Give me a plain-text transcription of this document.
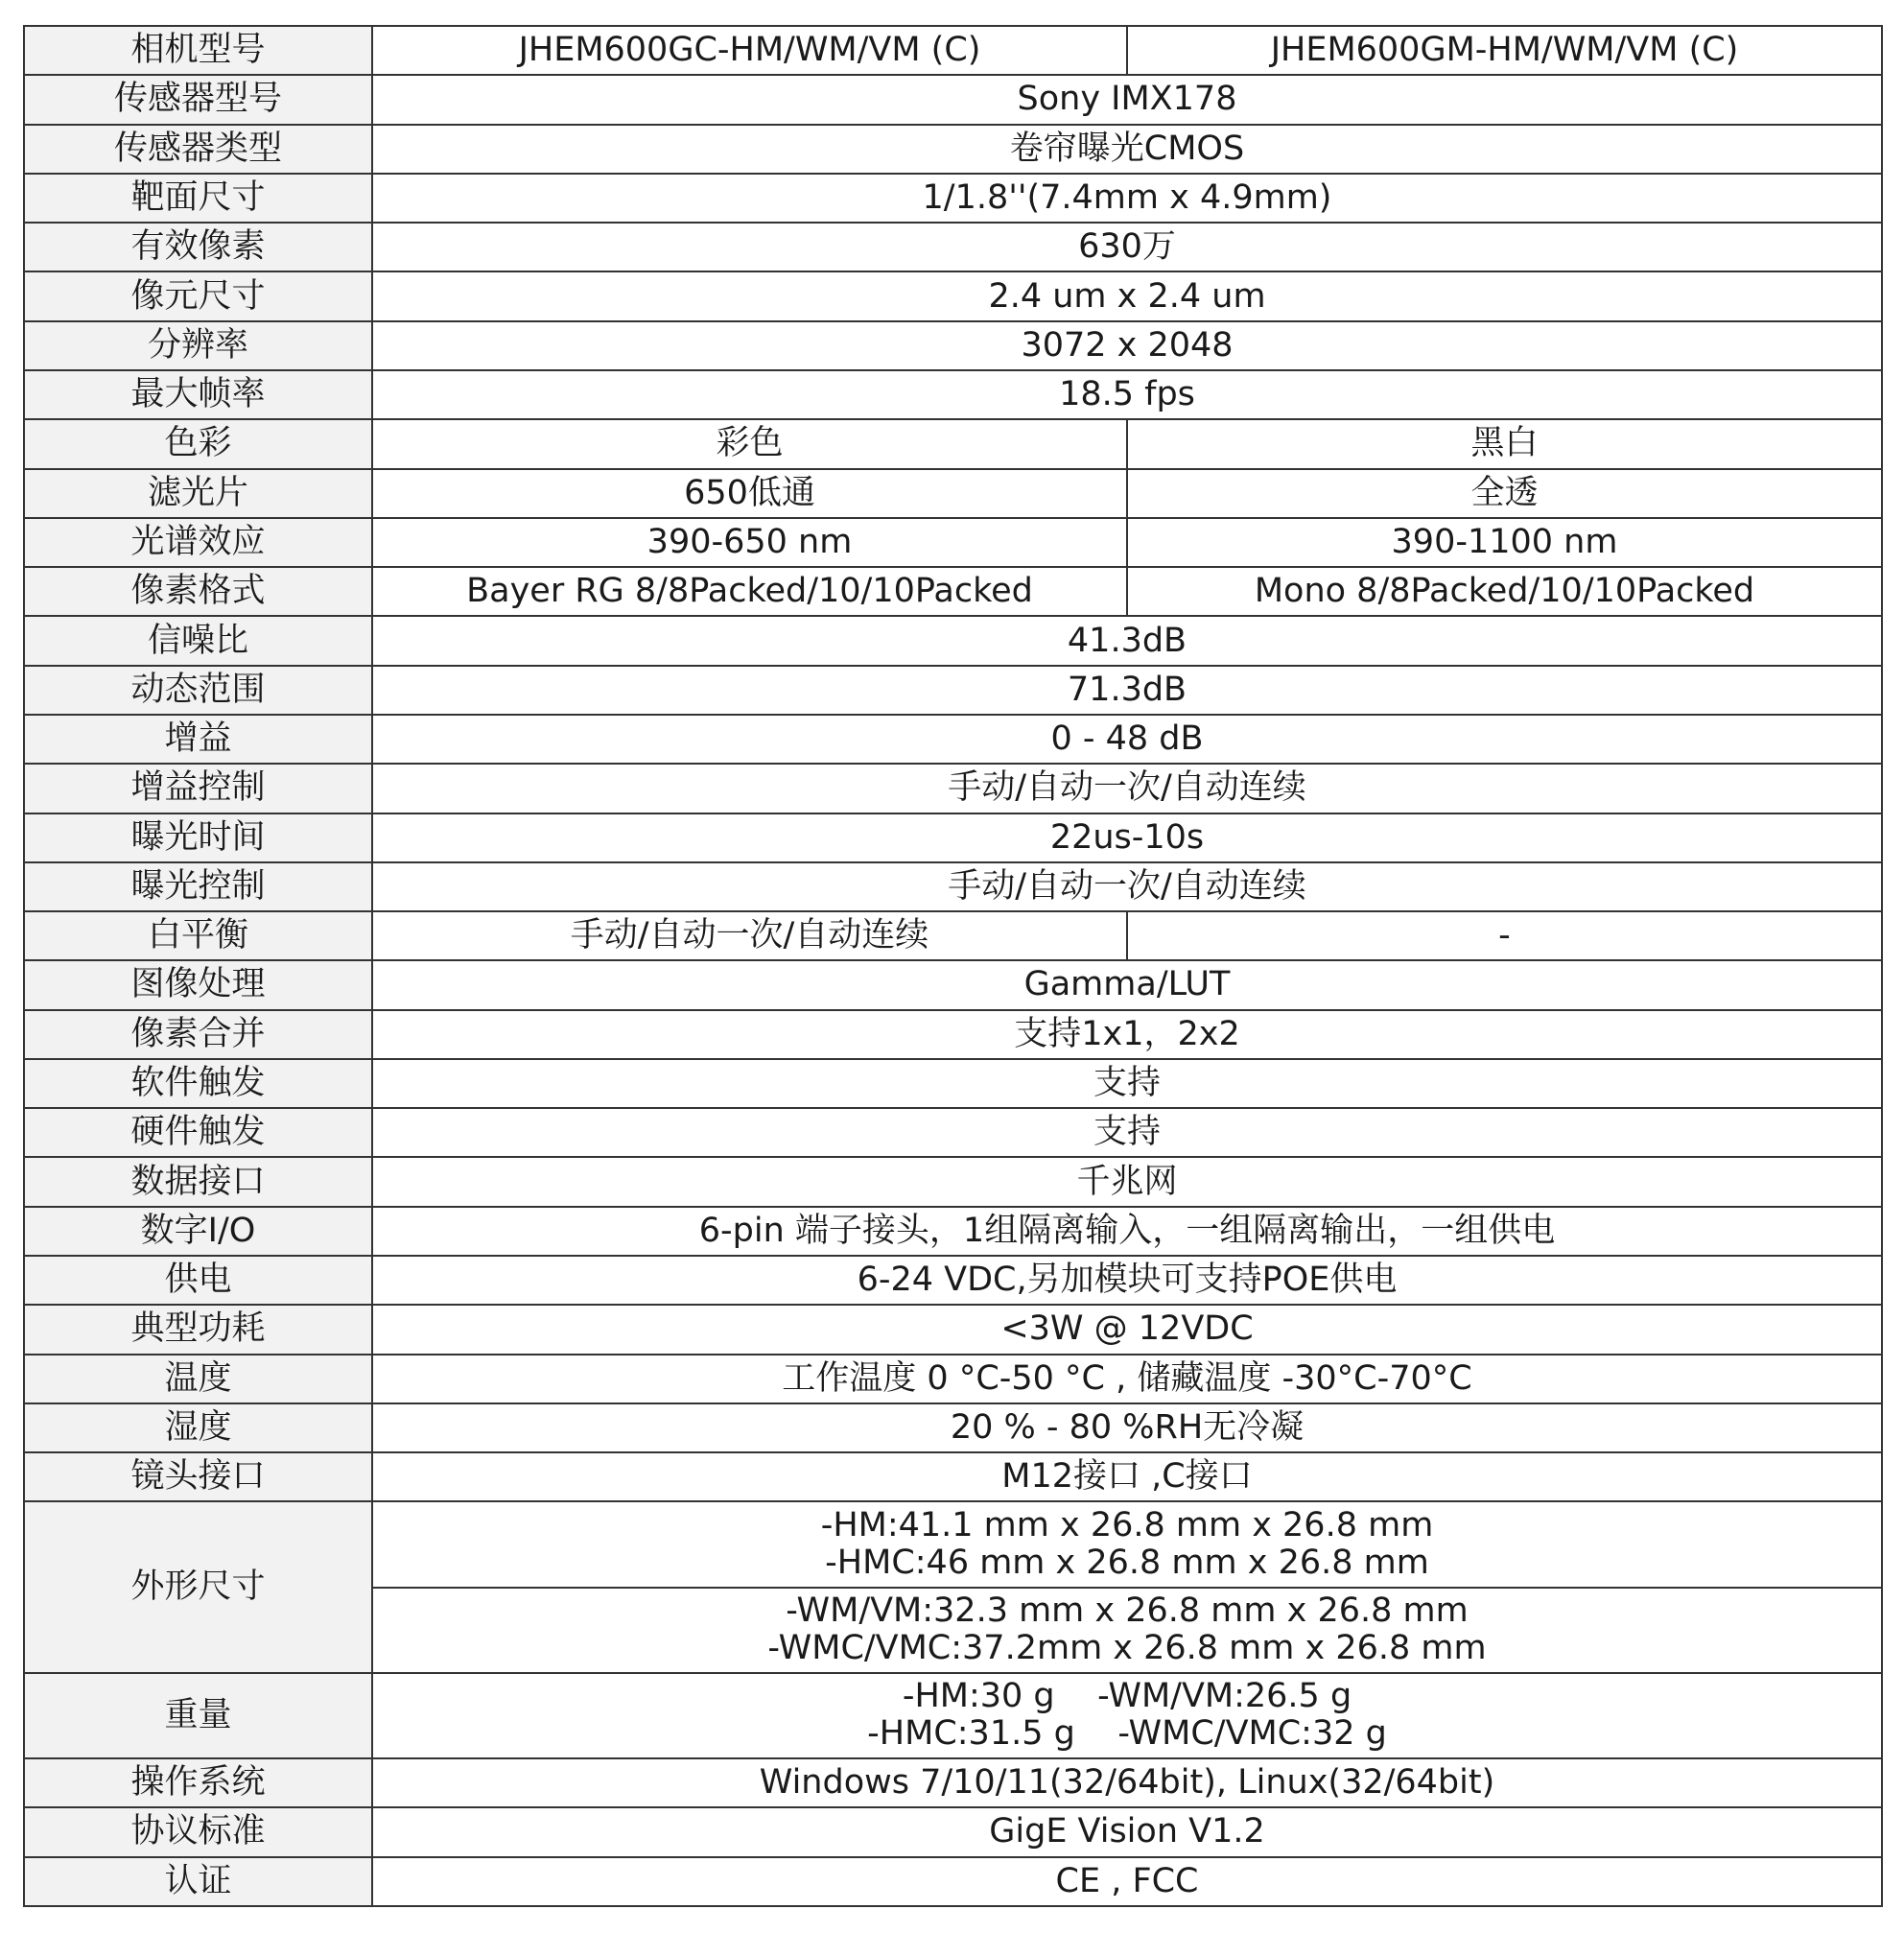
相机型号	JHEM600GC-HM/WM/VM (C)	JHEM600GM-HM/WM/VM (C)
传感器型号	Sony IMX178	
传感器类型	卷帘曝光CMOS	
靶面尺寸	1/1.8''(7.4mm x 4.9mm)	
有效像素	630万	
像元尺寸	2.4 um x 2.4 um	
分辨率	3072 x 2048	
最大帧率	18.5 fps	
色彩	彩色	黑白
滤光片	650低通	全透
光谱效应	390-650 nm	390-1100 nm
像素格式	Bayer RG 8/8Packed/10/10Packed	Mono 8/8Packed/10/10Packed
信噪比	41.3dB	
动态范围	71.3dB	
增益	0 - 48 dB	
增益控制	手动/自动一次/自动连续	
曝光时间	22us-10s	
曝光控制	手动/自动一次/自动连续	
白平衡	手动/自动一次/自动连续	-
图像处理	Gamma/LUT	
像素合并	支持1x1，2x2	
软件触发	支持	
硬件触发	支持	
数据接口	千兆网	
数字I/O	6-pin 端子接头，1组隔离输入，一组隔离输出，一组供电	
供电	6-24 VDC,另加模块可支持POE供电	
典型功耗	<3W @ 12VDC	
温度	工作温度 0 °C-50 °C , 储藏温度 -30°C-70°C	
湿度	20 % - 80 %RH无冷凝	
镜头接口	M12接口 ,C接口	
外形尺寸	-HM:41.1 mm x 26.8 mm x 26.8 mm
-HMC:46 mm x 26.8 mm x 26.8 mm	

	-WM/VM:32.3 mm x 26.8 mm x 26.8 mm
-WMC/VMC:37.2mm x 26.8 mm x 26.8 mm	

重量	-HM:30 g    -WM/VM:26.5 g
-HMC:31.5 g    -WMC/VMC:32 g	

操作系统	Windows 7/10/11(32/64bit), Linux(32/64bit)	
协议标准	GigE Vision V1.2	
认证	CE , FCC	
